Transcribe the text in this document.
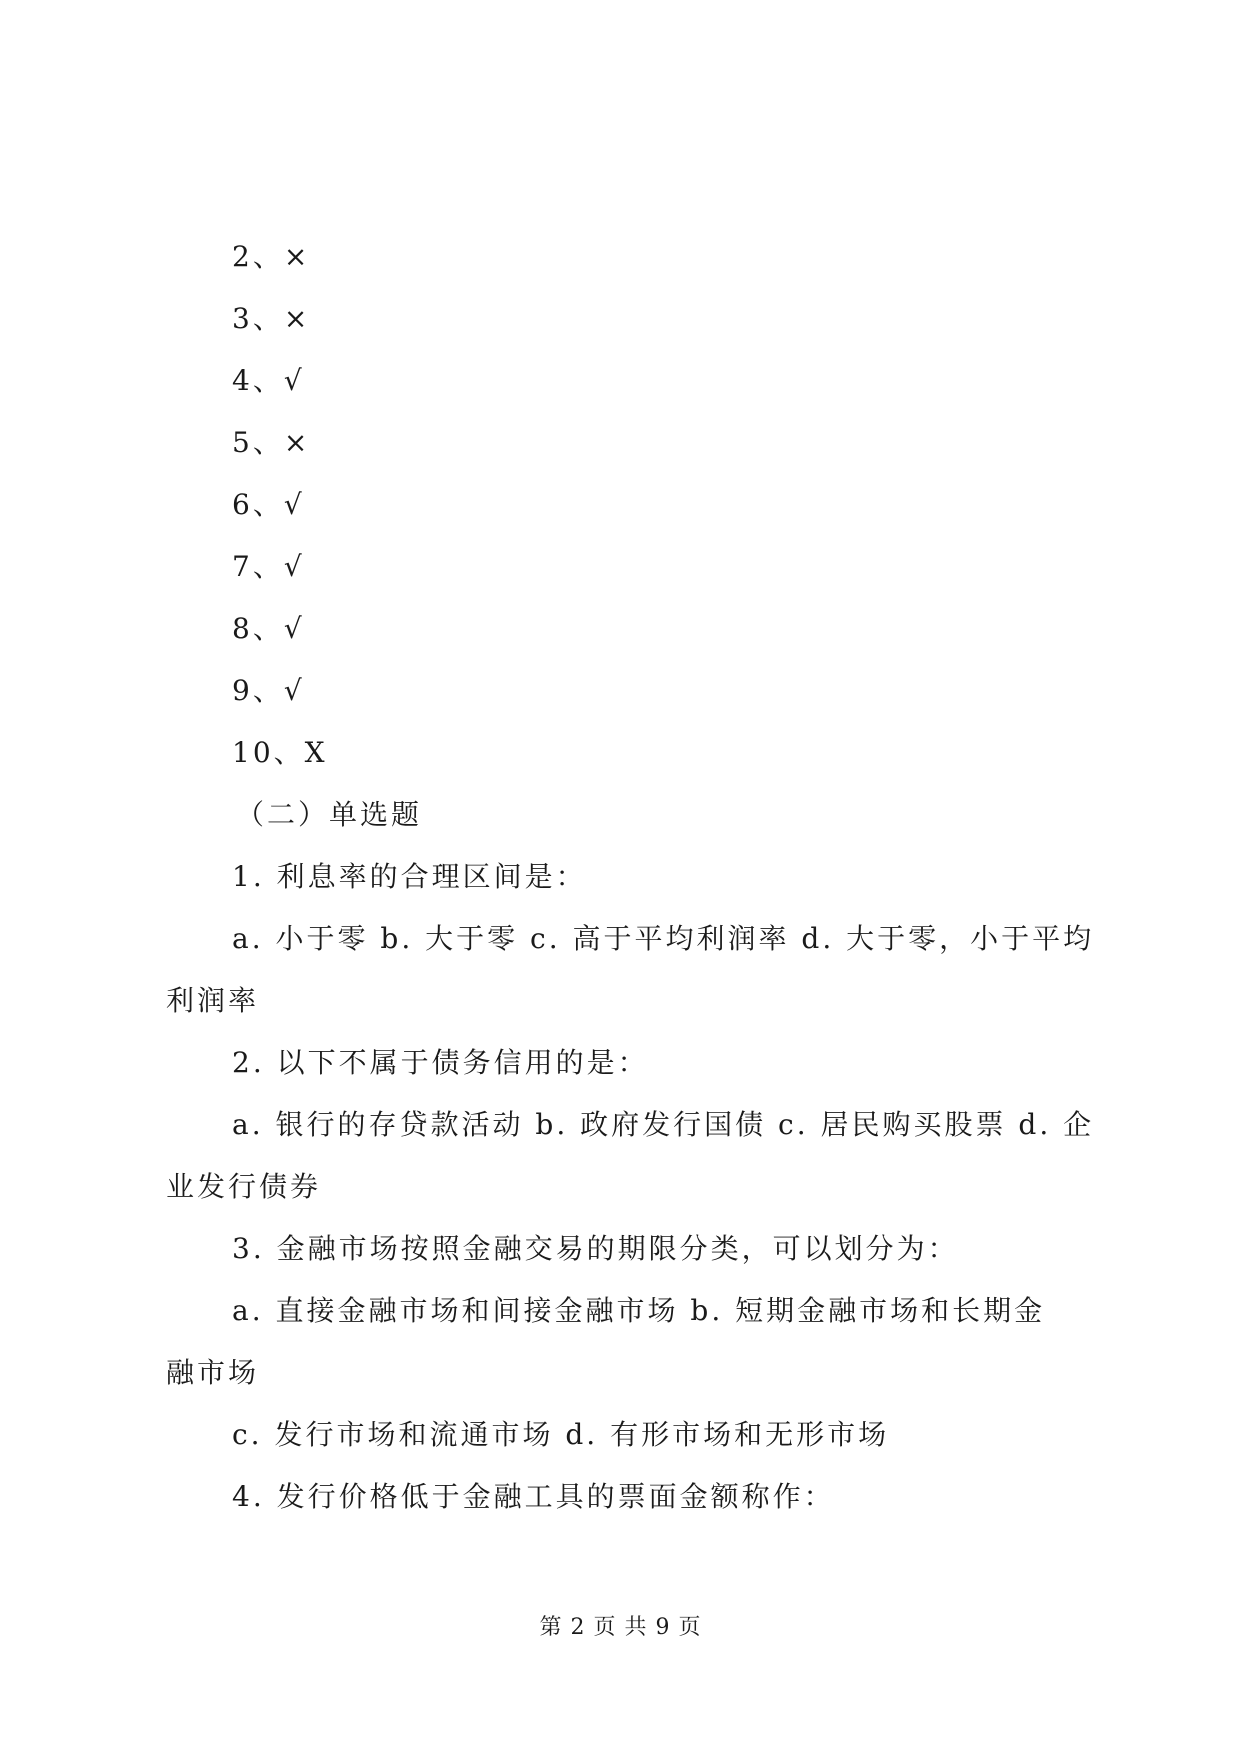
2、×
3、×
4、√
5、×
6、√
7、√
8、√
9、√
10、X
（二）单选题
1. 利息率的合理区间是：
a. 小于零 b. 大于零 c. 高于平均利润率 d. 大于零，小于平均
利润率
2. 以下不属于债务信用的是：
a. 银行的存贷款活动 b. 政府发行国债 c. 居民购买股票 d. 企
业发行债券
3. 金融市场按照金融交易的期限分类，可以划分为：
a. 直接金融市场和间接金融市场 b. 短期金融市场和长期金
融市场
c. 发行市场和流通市场 d. 有形市场和无形市场
4. 发行价格低于金融工具的票面金额称作：
第 2 页 共 9 页
